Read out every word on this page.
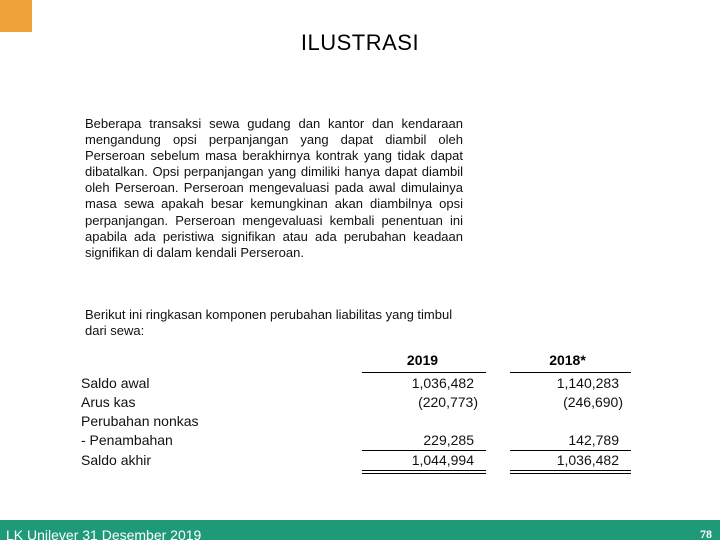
ILUSTRASI
Beberapa transaksi sewa gudang dan kantor dan kendaraan mengandung opsi perpanjangan yang dapat diambil oleh Perseroan sebelum masa berakhirnya kontrak yang tidak dapat dibatalkan. Opsi perpanjangan yang dimiliki hanya dapat diambil oleh Perseroan. Perseroan mengevaluasi pada awal dimulainya masa sewa apakah besar kemungkinan akan diambilnya opsi perpanjangan. Perseroan mengevaluasi kembali penentuan ini apabila ada peristiwa signifikan atau ada perubahan keadaan signifikan di dalam kendali Perseroan.
Berikut ini ringkasan komponen perubahan liabilitas yang timbul dari sewa:
2019	2018*
Saldo awal
Arus kas
Perubahan nonkas
- Penambahan
Saldo akhir
1,036,482
(220,773)
229,285
1,044,994
1,140,283
(246,690)
142,789
1,036,482
LK Unilever 31 Desember 2019	78
